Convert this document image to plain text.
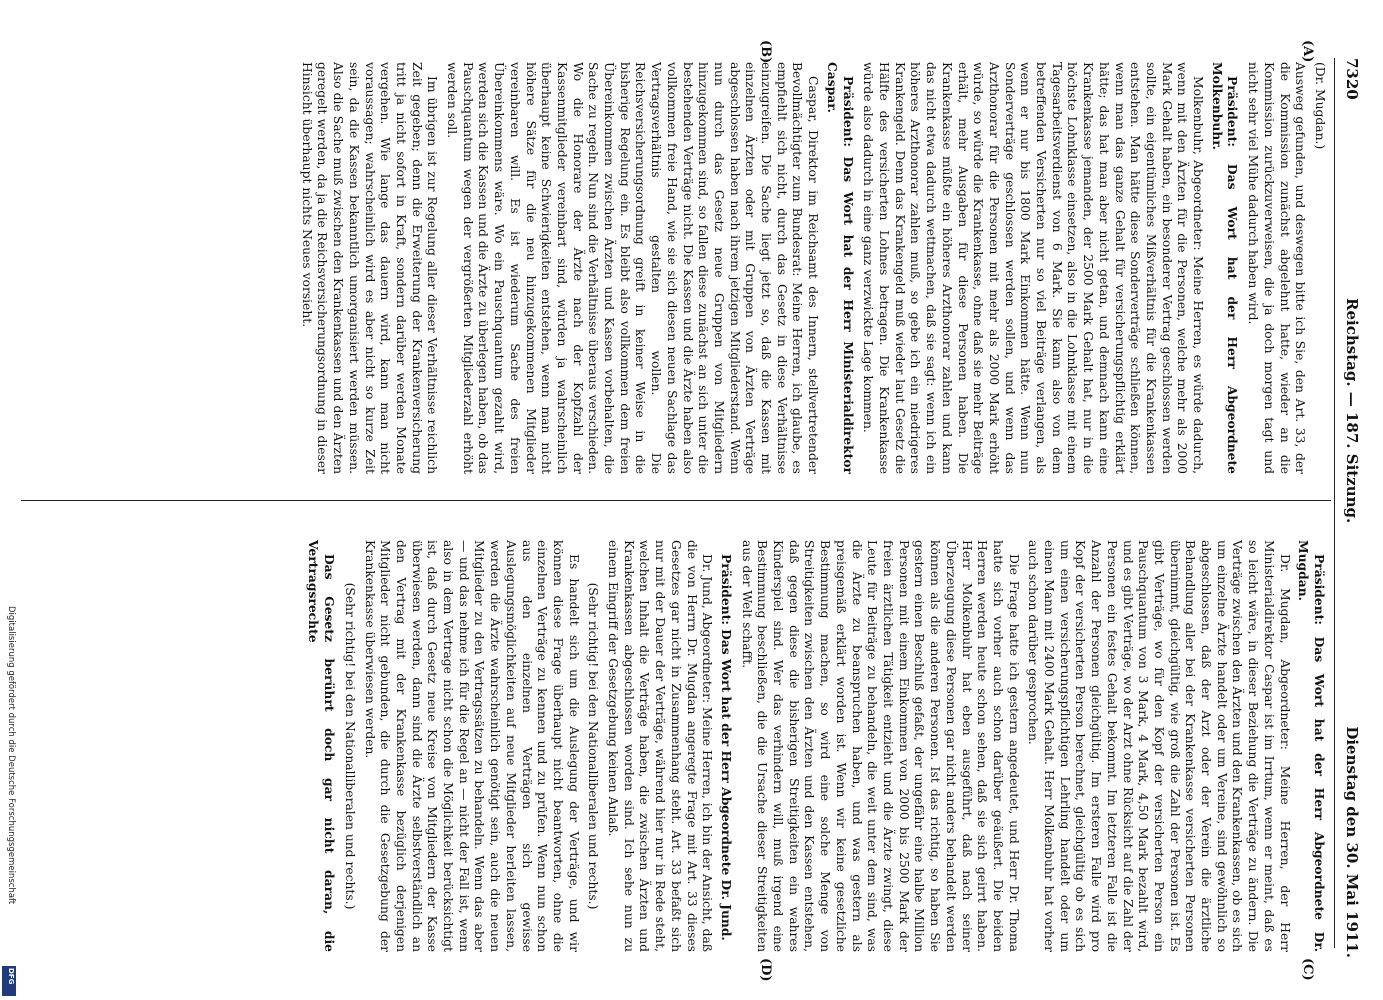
7320
Reichstag. — 187. Sitzung.
Dienstag den 30. Mai 1911.
(A)
(B)
(C)
(D)

(Dr. Mugdan.)

Ausweg gefunden, und deswegen bitte ich Sie, den Art. 33, der die Kommission zunächst abgelehnt hatte, wieder an die Kommission zurückzuverweisen, die ja doch morgen tagt und nicht sehr viel Mühe dadurch haben wird.

Präsident: Das Wort hat der Herr Abgeordnete Molkenbuhr.

Molkenbuhr, Abgeordneter: Meine Herren, es würde dadurch, wenn mit den Ärzten für die Personen, welche mehr als 2000 Mark Gehalt haben, ein besonderer Vertrag geschlossen werden sollte, ein eigentümliches Mißverhältnis für die Krankenkassen entstehen. Man hätte diese Sonderverträge schließen können, wenn man das ganze Gehalt für versicherungspflichtig erklärt hätte; das hat man aber nicht getan, und demnach kann eine Krankenkasse jemanden, der 2500 Mark Gehalt hat, nur in die höchste Lohnklasse einsetzen, also in die Lohnklasse mit einem Tagesarbeitsverdienst von 6 Mark. Sie kann also von dem betreffenden Versicherten nur so viel Beiträge verlangen, als wenn er nur bis 1800 Mark Einkommen hätte. Wenn nun Sonderverträge geschlossen werden sollen, und wenn das Arzthonorar für die Personen mit mehr als 2000 Mark erhöht würde, so würde die Krankenkasse, ohne daß sie mehr Beiträge erhält, mehr Ausgaben für diese Personen haben. Die Krankenkasse müßte ein höheres Arzthonorar zahlen und kann das nicht etwa dadurch wettmachen, daß sie sagt: wenn ich ein höheres Arzthonorar zahlen muß, so gebe ich ein niedrigeres Krankengeld. Denn das Krankengeld muß wieder laut Gesetz die Hälfte des versicherten Lohnes betragen. Die Krankenkasse würde also dadurch in eine ganz verzwickte Lage kommen.

Präsident: Das Wort hat der Herr Ministerialdirektor Caspar.

Caspar, Direktor im Reichsamt des Innern, stellvertretender Bevollmächtigter zum Bundesrat: Meine Herren, ich glaube, es empfiehlt sich nicht, durch das Gesetz in diese Verhältnisse einzugreifen. Die Sache liegt jetzt so, daß die Kassen mit einzelnen Ärzten oder mit Gruppen von Ärzten Verträge abgeschlossen haben nach ihrem jetzigen Mitgliederstand. Wenn nun durch das Gesetz neue Gruppen von Mitgliedern hinzugekommen sind, so fallen diese zunächst an sich unter die bestehenden Verträge nicht. Die Kassen und die Ärzte haben also vollkommen freie Hand, wie sie sich diesen neuen Sachlage das Vertragsverhältnis gestalten wollen. Die Reichsversicherungsordnung greift in keiner Weise in die bisherige Regelung ein. Es bleibt also vollkommen dem freien Übereinkommen zwischen Ärzten und Kassen vorbehalten, die Sache zu regeln. Nun sind die Verhältnisse überaus verschieden. Wo die Honorare der Ärzte nach der Kopfzahl der Kassenmitglieder vereinbart sind, würden ja wahrscheinlich überhaupt keine Schwierigkeiten entstehen, wenn man nicht höhere Sätze für die neu hinzugekommenen Mitglieder vereinbaren will. Es ist wiederum Sache des freien Übereinkommens wäre. Wo ein Pauschquantum gezahlt wird, werden sich die Kassen und die Ärzte zu überlegen haben, ob das Pauschquantum wegen der vergrößerten Mitgliederzahl erhöht werden soll.

Im übrigen ist zur Regelung aller dieser Verhältnisse reichlich Zeit gegeben; denn die Erweiterung der Krankenversicherung tritt ja nicht sofort in Kraft, sondern darüber werden Monate vergehen. Wie lange das dauern wird, kann man nicht voraussagen; wahrscheinlich wird es aber nicht so kurze Zeit sein, da die Kassen bekanntlich umorganisiert werden müssen. Also die Sache muß zwischen den Krankenkassen und den Ärzten geregelt werden, da ja die Reichsversicherungsordnung in dieser Hinsicht überhaupt nichts Neues vorsieht.

Präsident: Das Wort hat der Herr Abgeordnete Dr. Mugdan.

Dr. Mugdan, Abgeordneter: Meine Herren, der Herr Ministerialdirektor Caspar ist im Irrtum, wenn er meint, daß es so leicht wäre, in dieser Beziehung die Verträge zu ändern. Die Verträge zwischen den Ärzten und den Krankenkassen, ob es sich um einzelne Ärzte handelt oder um Vereine, sind gewöhnlich so abgeschlossen, daß der Arzt oder der Verein die ärztliche Behandlung aller bei der Krankenkasse versicherten Personen übernimmt, gleichgültig, wie groß die Zahl der Personen ist. Es gibt Verträge, wo für den Kopf der versicherten Person ein Pauschquantum von 3 Mark, 4 Mark, 4,50 Mark bezahlt wird, und es gibt Verträge, wo der Arzt ohne Rücksicht auf die Zahl der Personen ein festes Gehalt bekommt. Im letzteren Falle ist die Anzahl der Personen gleichgültig. Im ersteren Falle wird pro Kopf der versicherten Person berechnet, gleichgültig ob es sich um einen versicherungspflichtigen Lehrling handelt oder um einen Mann mit 2400 Mark Gehalt. Herr Molkenbuhr hat vorher auch schon darüber gesprochen.

Die Frage hatte ich gestern angedeutet, und Herr Dr. Thoma hatte sich vorher auch schon darüber geäußert. Die beiden Herren werden heute schon sehen, daß sie sich geirrt haben. Herr Molkenbuhr hat eben ausgeführt, daß nach seiner Überzeugung diese Personen gar nicht anders behandelt werden können als die anderen Personen. Ist das richtig, so haben Sie gestern einen Beschluß gefaßt, der ungefähr eine halbe Million Personen mit einem Einkommen von 2000 bis 2500 Mark der freien ärztlichen Tätigkeit entzieht und die Ärzte zwingt, diese Leute für Beiträge zu behandeln, die weit unter dem sind, was die Ärzte zu beanspruchen haben, und was gestern als preisgemäß erklärt worden ist. Wenn wir keine gesetzliche Bestimmung machen, so wird eine solche Menge von Streitigkeiten zwischen den Ärzten und den Kassen entstehen, daß gegen diese die bisherigen Streitigkeiten ein wahres Kinderspiel sind. Wer das verhindern will, muß irgend eine Bestimmung beschließen, die die Ursache dieser Streitigkeiten aus der Welt schafft.

Präsident: Das Wort hat der Herr Abgeordnete Dr. Jund.

Dr. Jund, Abgeordneter: Meine Herren, ich bin der Ansicht, daß die von Herrn Dr. Mugdan angeregte Frage mit Art. 33 dieses Gesetzes gar nicht in Zusammenhang steht. Art. 33 befaßt sich nur mit der Dauer der Verträge, während hier nur in Rede steht, welchen Inhalt die Verträge haben, die zwischen Ärzten und Krankenkassen abgeschlossen worden sind. Ich sehe nun zu einem Eingriff der Gesetzgebung keinen Anlaß.

(Sehr richtig! bei den Nationalliberalen und rechts.)

Es handelt sich um die Auslegung der Verträge, und wir können diese Frage überhaupt nicht beantworten, ohne die einzelnen Verträge zu kennen und zu prüfen. Wenn nun schon aus den einzelnen Verträgen sich gewisse Auslegungsmöglichkeiten auf neue Mitglieder herleiten lassen, werden die Ärzte wahrscheinlich genötigt sein, auch die neuen Mitglieder zu den Vertragssätzen zu behandeln. Wenn das aber — und das nehme ich für die Regel an — nicht der Fall ist, wenn also in dem Vertrage nicht schon die Möglichkeit berücksichtigt ist, daß durch Gesetz neue Kreise von Mitgliedern der Kasse überwiesen werden, dann sind die Ärzte selbstverständlich an den Vertrag mit der Krankenkasse bezüglich derjenigen Mitglieder nicht gebunden, die durch die Gesetzgebung der Krankenkasse überwiesen werden.

(Sehr richtig! bei den Nationalliberalen und rechts.)

Das Gesetz berührt doch gar nicht daran, die Vertragsrechte

Digitalisierung gefördert durch die Deutsche Forschungsgemeinschaft
DFG
